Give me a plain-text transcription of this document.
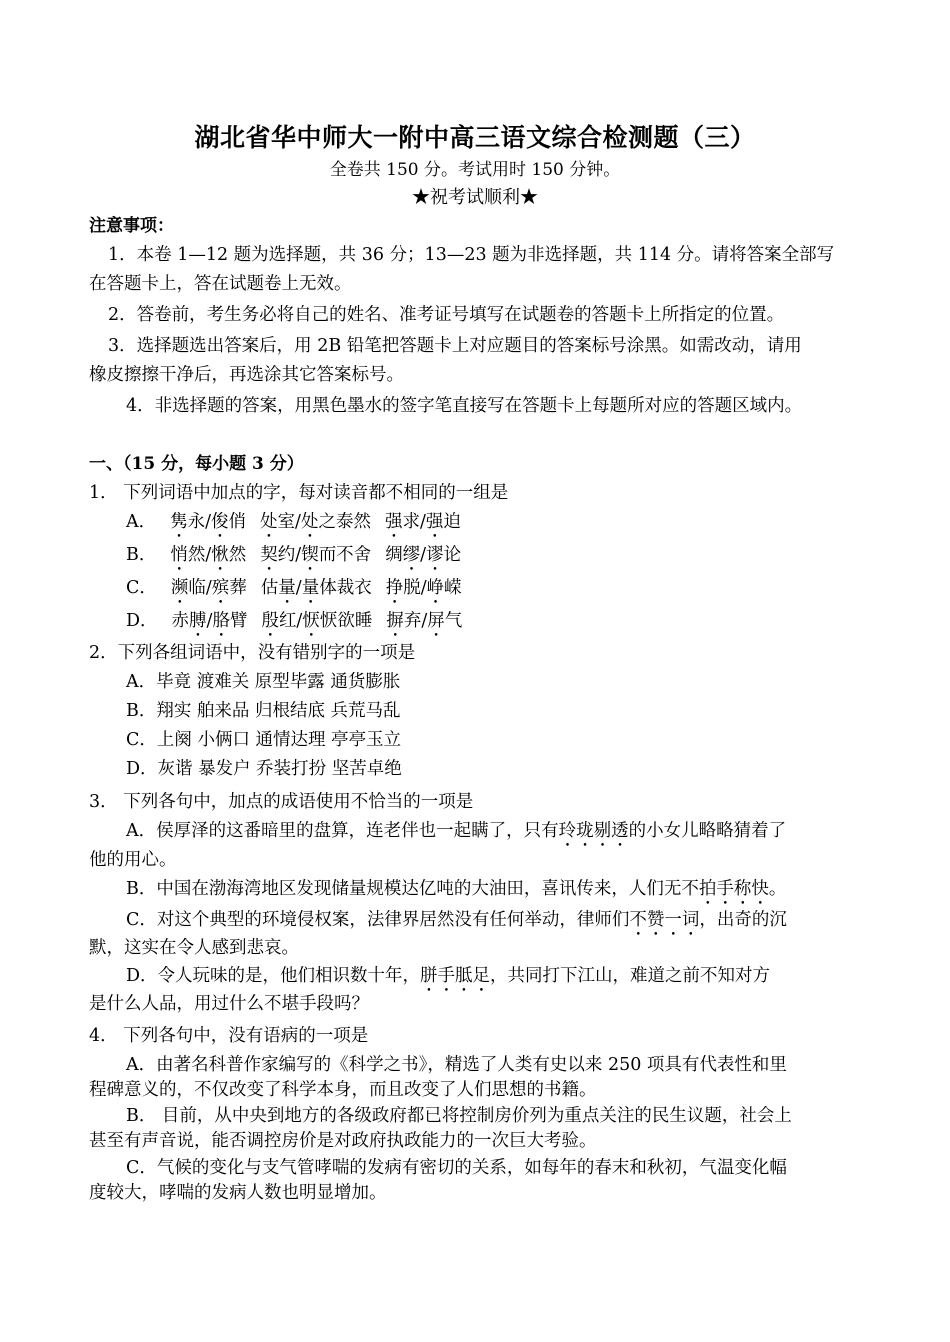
湖北省华中师大一附中高三语文综合检测题（三）
全卷共 150 分。考试用时 150 分钟。
★祝考试顺利★
注意事项：
1．本卷 1—12 题为选择题，共 36 分；13—23 题为非选择题，共 114 分。请将答案全部写
在答题卡上，答在试题卷上无效。
2．答卷前，考生务必将自己的姓名、准考证号填写在试题卷的答题卡上所指定的位置。
3．选择题选出答案后，用 2B 铅笔把答题卡上对应题目的答案标号涂黑。如需改动，请用
橡皮擦擦干净后，再选涂其它答案标号。
4．非选择题的答案，用黑色墨水的签字笔直接写在答题卡上每题所对应的答题区域内。
一、（15 分，每小题 3 分）
1． 下列词语中加点的字，每对读音都不相同的一组是
A． 隽永/俊俏 处室/处之泰然 强求/强迫
B． 悄然/愀然 契约/锲而不舍 绸缪/谬论
C． 濒临/殡葬 估量/量体裁衣 挣脱/峥嵘
D． 赤膊/胳臂 殷红/恹恹欲睡 摒弃/屏气
2．下列各组词语中，没有错别字的一项是
A．毕竟 渡难关 原型毕露 通货膨胀
B．翔实 舶来品 归根结底 兵荒马乱
C．上阕 小俩口 通情达理 亭亭玉立
D．灰谐 暴发户 乔装打扮 坚苦卓绝
3． 下列各句中，加点的成语使用不恰当的一项是
A．侯厚泽的这番暗里的盘算，连老伴也一起瞒了，只有玲珑剔透的小女儿略略猜着了
他的用心。
B．中国在渤海湾地区发现储量规模达亿吨的大油田，喜讯传来，人们无不拍手称快。
C．对这个典型的环境侵权案，法律界居然没有任何举动，律师们不赞一词，出奇的沉
默，这实在令人感到悲哀。
D．令人玩味的是，他们相识数十年，胼手胝足，共同打下江山，难道之前不知对方
是什么人品，用过什么不堪手段吗？
4． 下列各句中，没有语病的一项是
A．由著名科普作家编写的《科学之书》，精选了人类有史以来 250 项具有代表性和里
程碑意义的，不仅改变了科学本身，而且改变了人们思想的书籍。
B． 目前，从中央到地方的各级政府都已将控制房价列为重点关注的民生议题，社会上
甚至有声音说，能否调控房价是对政府执政能力的一次巨大考验。
C．气候的变化与支气管哮喘的发病有密切的关系，如每年的春末和秋初，气温变化幅
度较大，哮喘的发病人数也明显增加。
